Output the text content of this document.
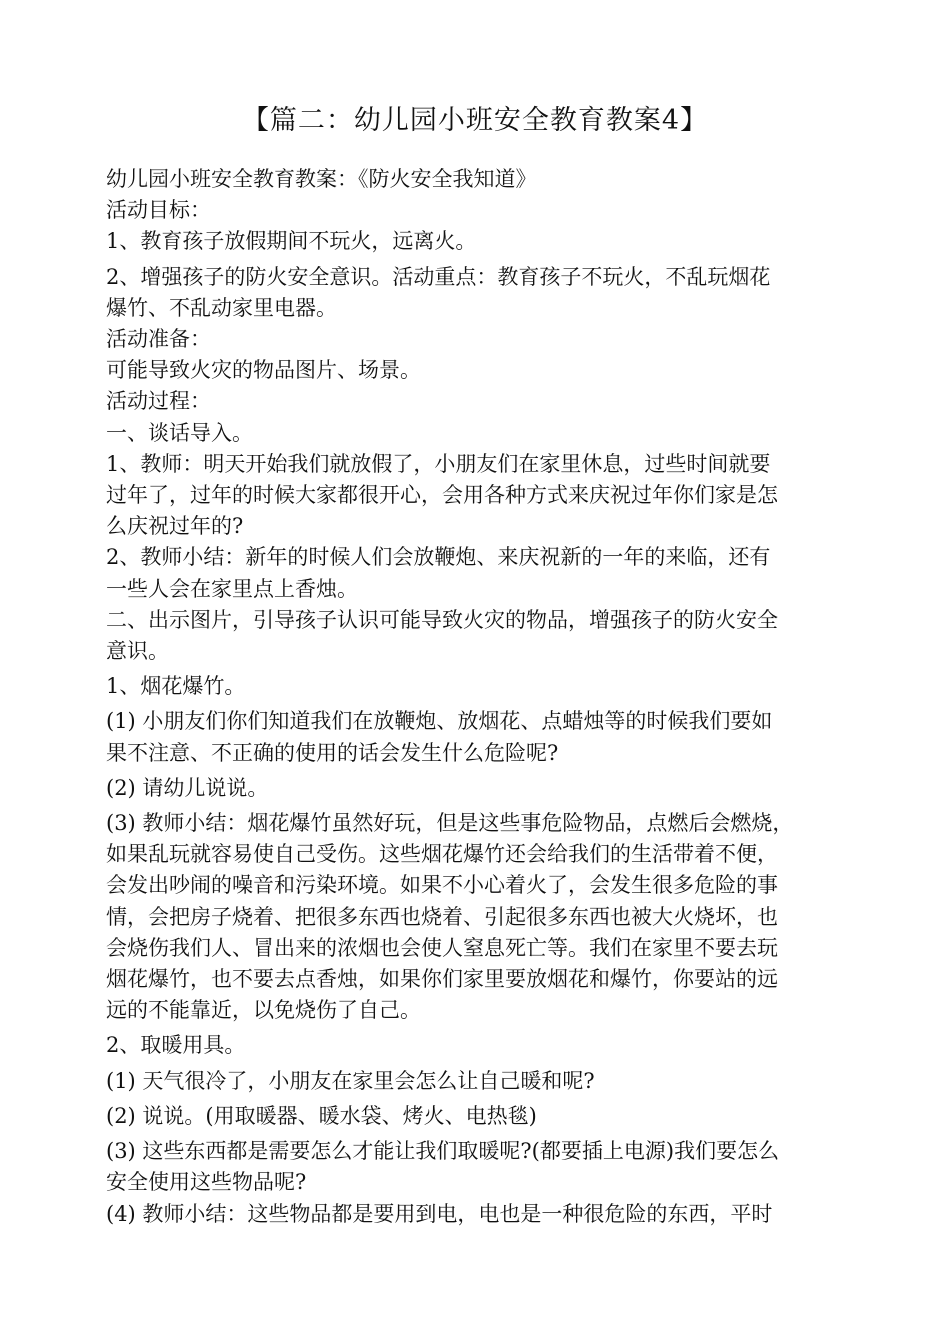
【篇二：幼儿园小班安全教育教案4】

幼儿园小班安全教育教案：《防火安全我知道》

活动目标：

1、教育孩子放假期间不玩火，远离火。

2、增强孩子的防火安全意识。活动重点：教育孩子不玩火，不乱玩烟花

爆竹、不乱动家里电器。

活动准备：

可能导致火灾的物品图片、场景。

活动过程：

一、谈话导入。

1、教师：明天开始我们就放假了，小朋友们在家里休息，过些时间就要

过年了，过年的时候大家都很开心，会用各种方式来庆祝过年你们家是怎

么庆祝过年的?

2、教师小结：新年的时候人们会放鞭炮、来庆祝新的一年的来临，还有

一些人会在家里点上香烛。

二、出示图片，引导孩子认识可能导致火灾的物品，增强孩子的防火安全

意识。

1、烟花爆竹。

(1) 小朋友们你们知道我们在放鞭炮、放烟花、点蜡烛等的时候我们要如

果不注意、不正确的使用的话会发生什么危险呢?

(2) 请幼儿说说。

(3) 教师小结：烟花爆竹虽然好玩，但是这些事危险物品，点燃后会燃烧，

如果乱玩就容易使自己受伤。这些烟花爆竹还会给我们的生活带着不便，

会发出吵闹的噪音和污染环境。如果不小心着火了，会发生很多危险的事

情，会把房子烧着、把很多东西也烧着、引起很多东西也被大火烧坏，也

会烧伤我们人、冒出来的浓烟也会使人窒息死亡等。我们在家里不要去玩

烟花爆竹，也不要去点香烛，如果你们家里要放烟花和爆竹，你要站的远

远的不能靠近，以免烧伤了自己。

2、取暖用具。

(1) 天气很冷了，小朋友在家里会怎么让自己暖和呢?

(2) 说说。(用取暖器、暖水袋、烤火、电热毯)

(3) 这些东西都是需要怎么才能让我们取暖呢?(都要插上电源)我们要怎么

安全使用这些物品呢?

(4) 教师小结：这些物品都是要用到电，电也是一种很危险的东西，平时
